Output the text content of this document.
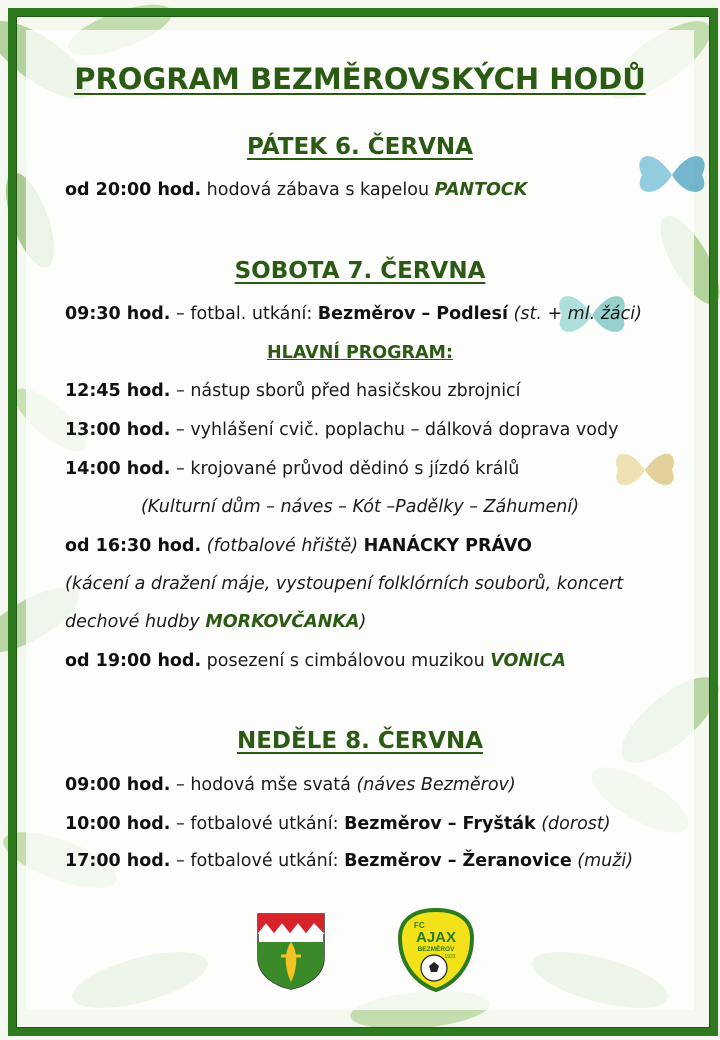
PROGRAM BEZMĚROVSKÝCH HODŮ
PÁTEK 6. ČERVNA
od 20:00 hod. hodová zábava s kapelou PANTOCK
SOBOTA 7. ČERVNA
09:30 hod. – fotbal. utkání: Bezměrov – Podlesí (st. + ml. žáci)
HLAVNÍ PROGRAM:
12:45 hod. – nástup sborů před hasičskou zbrojnicí
13:00 hod. – vyhlášení cvič. poplachu – dálková doprava vody
14:00 hod. – krojované průvod dědinó s jízdó králů
(Kulturní dům – náves – Kót –Padělky – Záhumení)
od 16:30 hod. (fotbalové hřiště) HANÁCKY PRÁVO
(kácení a dražení máje, vystoupení folklórních souborů, koncert
dechové hudby MORKOVČANKA)
od 19:00 hod. posezení s cimbálovou muzikou VONICA
NEDĚLE 8. ČERVNA
09:00 hod. – hodová mše svatá (náves Bezměrov)
10:00 hod. – fotbalové utkání: Bezměrov – Fryšták (dorost)
17:00 hod. – fotbalové utkání: Bezměrov – Žeranovice (muži)
FC
AJAX
BEZMĚROV
1933
